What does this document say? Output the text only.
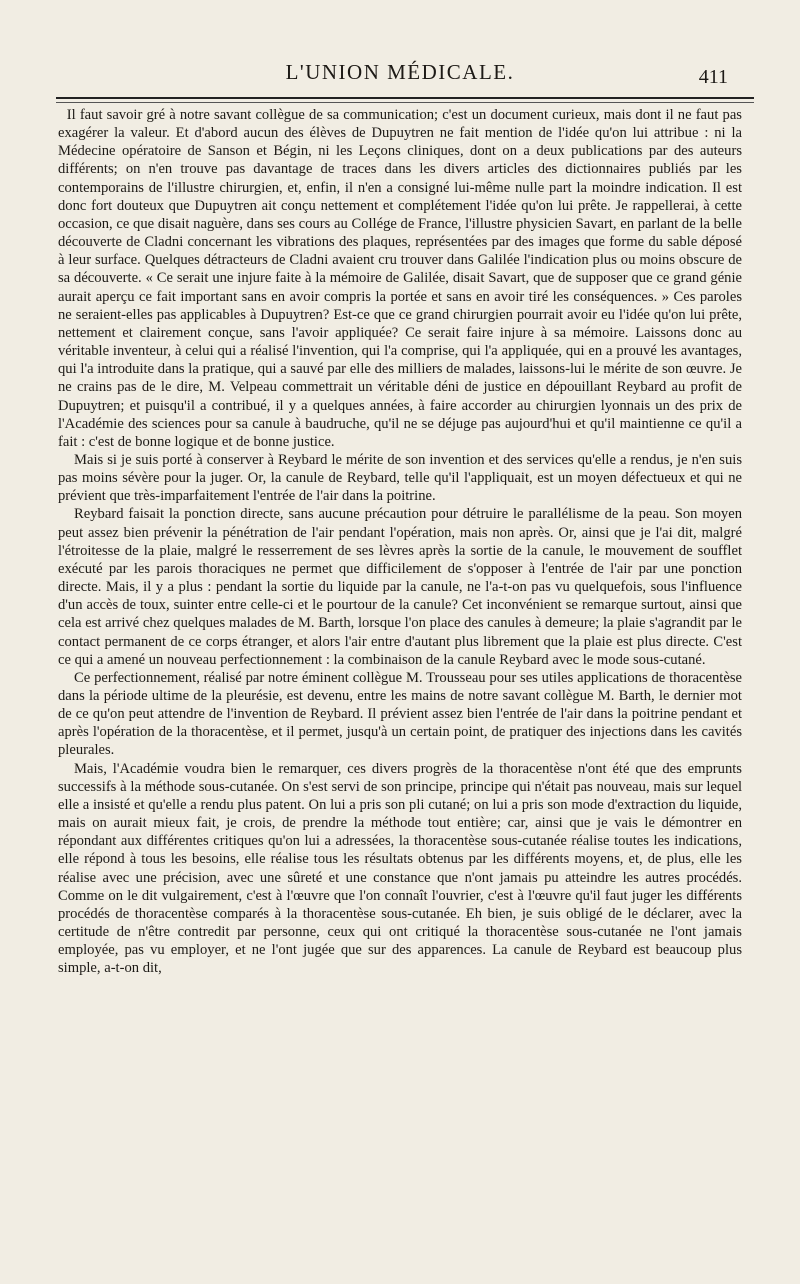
L'UNION MÉDICALE.	411

Il faut savoir gré à notre savant collègue de sa communication; c'est un document curieux, mais dont il ne faut pas exagérer la valeur. Et d'abord aucun des élèves de Dupuytren ne fait mention de l'idée qu'on lui attribue : ni la Médecine opératoire de Sanson et Bégin, ni les Leçons cliniques, dont on a deux publications par des auteurs différents; on n'en trouve pas davantage de traces dans les divers articles des dictionnaires publiés par les contemporains de l'illustre chirurgien, et, enfin, il n'en a consigné lui-même nulle part la moindre indication. Il est donc fort douteux que Dupuytren ait conçu nettement et complétement l'idée qu'on lui prête. Je rappellerai, à cette occasion, ce que disait naguère, dans ses cours au Collége de France, l'illustre physicien Savart, en parlant de la belle découverte de Cladni concernant les vibrations des plaques, représentées par des images que forme du sable déposé à leur surface. Quelques détracteurs de Cladni avaient cru trouver dans Galilée l'indication plus ou moins obscure de sa découverte. « Ce serait une injure faite à la mémoire de Galilée, disait Savart, que de supposer que ce grand génie aurait aperçu ce fait important sans en avoir compris la portée et sans en avoir tiré les conséquences. » Ces paroles ne seraient-elles pas applicables à Dupuytren? Est-ce que ce grand chirurgien pourrait avoir eu l'idée qu'on lui prête, nettement et clairement conçue, sans l'avoir appliquée? Ce serait faire injure à sa mémoire. Laissons donc au véritable inventeur, à celui qui a réalisé l'invention, qui l'a comprise, qui l'a appliquée, qui en a prouvé les avantages, qui l'a introduite dans la pratique, qui a sauvé par elle des milliers de malades, laissons-lui le mérite de son œuvre. Je ne crains pas de le dire, M. Velpeau commettrait un véritable déni de justice en dépouillant Reybard au profit de Dupuytren; et puisqu'il a contribué, il y a quelques années, à faire accorder au chirurgien lyonnais un des prix de l'Académie des sciences pour sa canule à baudruche, qu'il ne se déjuge pas aujourd'hui et qu'il maintienne ce qu'il a fait : c'est de bonne logique et de bonne justice.

Mais si je suis porté à conserver à Reybard le mérite de son invention et des services qu'elle a rendus, je n'en suis pas moins sévère pour la juger. Or, la canule de Reybard, telle qu'il l'appliquait, est un moyen défectueux et qui ne prévient que très-imparfaitement l'entrée de l'air dans la poitrine.

Reybard faisait la ponction directe, sans aucune précaution pour détruire le parallélisme de la peau. Son moyen peut assez bien prévenir la pénétration de l'air pendant l'opération, mais non après. Or, ainsi que je l'ai dit, malgré l'étroitesse de la plaie, malgré le resserrement de ses lèvres après la sortie de la canule, le mouvement de soufflet exécuté par les parois thoraciques ne permet que difficilement de s'opposer à l'entrée de l'air par une ponction directe. Mais, il y a plus : pendant la sortie du liquide par la canule, ne l'a-t-on pas vu quelquefois, sous l'influence d'un accès de toux, suinter entre celle-ci et le pourtour de la canule? Cet inconvénient se remarque surtout, ainsi que cela est arrivé chez quelques malades de M. Barth, lorsque l'on place des canules à demeure; la plaie s'agrandit par le contact permanent de ce corps étranger, et alors l'air entre d'autant plus librement que la plaie est plus directe. C'est ce qui a amené un nouveau perfectionnement : la combinaison de la canule Reybard avec le mode sous-cutané.

Ce perfectionnement, réalisé par notre éminent collègue M. Trousseau pour ses utiles applications de thoracentèse dans la période ultime de la pleurésie, est devenu, entre les mains de notre savant collègue M. Barth, le dernier mot de ce qu'on peut attendre de l'invention de Reybard. Il prévient assez bien l'entrée de l'air dans la poitrine pendant et après l'opération de la thoracentèse, et il permet, jusqu'à un certain point, de pratiquer des injections dans les cavités pleurales.

Mais, l'Académie voudra bien le remarquer, ces divers progrès de la thoracentèse n'ont été que des emprunts successifs à la méthode sous-cutanée. On s'est servi de son principe, principe qui n'était pas nouveau, mais sur lequel elle a insisté et qu'elle a rendu plus patent. On lui a pris son pli cutané; on lui a pris son mode d'extraction du liquide, mais on aurait mieux fait, je crois, de prendre la méthode tout entière; car, ainsi que je vais le démontrer en répondant aux différentes critiques qu'on lui a adressées, la thoracentèse sous-cutanée réalise toutes les indications, elle répond à tous les besoins, elle réalise tous les résultats obtenus par les différents moyens, et, de plus, elle les réalise avec une précision, avec une sûreté et une constance que n'ont jamais pu atteindre les autres procédés. Comme on le dit vulgairement, c'est à l'œuvre que l'on connaît l'ouvrier, c'est à l'œuvre qu'il faut juger les différents procédés de thoracentèse comparés à la thoracentèse sous-cutanée. Eh bien, je suis obligé de le déclarer, avec la certitude de n'être contredit par personne, ceux qui ont critiqué la thoracentèse sous-cutanée ne l'ont jamais employée, pas vu employer, et ne l'ont jugée que sur des apparences. La canule de Reybard est beaucoup plus simple, a-t-on dit,
